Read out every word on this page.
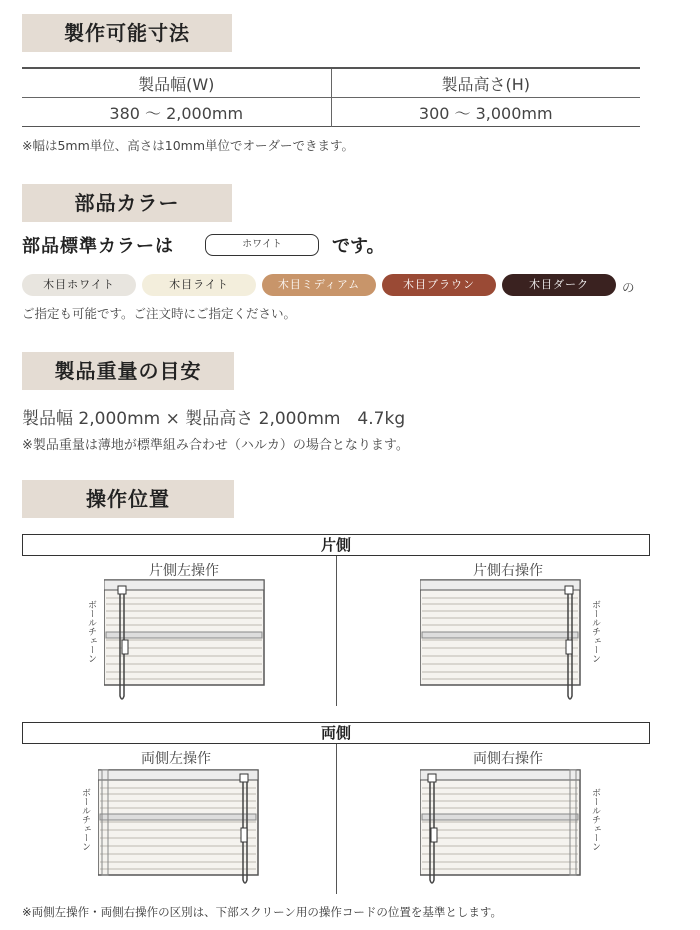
製作可能寸法
製品幅(W)	製品高さ(H)
380 ～ 2,000mm	300 ～ 3,000mm
※幅は5mm単位、高さは10mm単位でオーダーできます。
部品カラー
部品標準カラーは	ホワイト	です。
木目ホワイト	木目ライト	木目ミディアム	木目ブラウン	木目ダーク	の
ご指定も可能です。ご注文時にご指定ください。
製品重量の目安
製品幅 2,000mm × 製品高さ 2,000mm　4.7kg
※製品重量は薄地が標準組み合わせ（ハルカ）の場合となります。
操作位置
片側
片側左操作	片側右操作
ボールチェーン	ボールチェーン
両側
両側左操作	両側右操作
ボールチェーン	ボールチェーン
※両側左操作・両側右操作の区別は、下部スクリーン用の操作コードの位置を基準とします。
